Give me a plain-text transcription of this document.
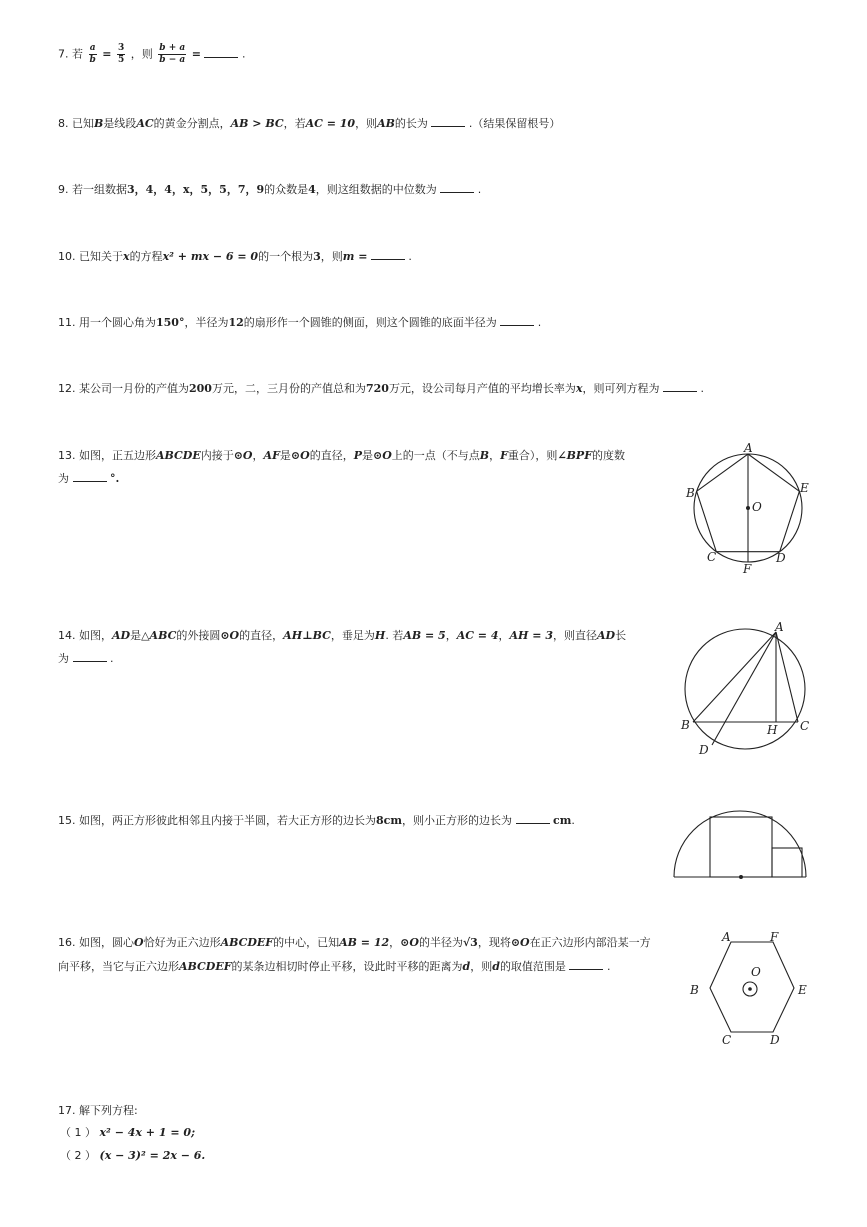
7. 若 $\frac{a}{b} = \frac{3}{5}$ ，则 $\frac{b + a}{b - a}$ =	.
8. 已知B是线段AC的黄金分割点，AB > BC，若AC = 10，则AB的长为	.（结果保留根号）
9. 若一组数据3，4，4，x，5，5，7，9的众数是4，则这组数据的中位数为	.
10. 已知关于x的方程x² + mx − 6 = 0的一个根为3，则m =	.
11. 用一个圆心角为150°，半径为12的扇形作一个圆锥的侧面，则这个圆锥的底面半径为	.
12. 某公司一月份的产值为200万元，二，三月份的产值总和为720万元，设公司每月产值的平均增长率为x，则可列方程为	.
13. 如图，正五边形ABCDE内接于⊙O，AF是⊙O的直径，P是⊙O上的一点（不与点B，F重合），则∠BPF的度数
为	°.
A
B
C	D
E
F
O
14. 如图，AD是△ABC的外接圆⊙O的直径，AH⊥BC，垂足为H. 若AB = 5，AC = 4，AH = 3，则直径AD长
为	.
A
B	C
D
H
15. 如图，两正方形彼此相邻且内接于半圆，若大正方形的边长为8cm，则小正方形的边长为	cm.
16. 如图，圆心O恰好为正六边形ABCDEF的中心，已知AB = 12，⊙O的半径为√3，现将⊙O在正六边形内部沿某一方
向平移，当它与正六边形ABCDEF的某条边相切时停止平移，设此时平移的距离为d，则d的取值范围是	.
A
B
C	D
E
F
O
17. 解下列方程:
（ 1 ） x² − 4x + 1 = 0;
（ 2 ） (x − 3)² = 2x − 6.
